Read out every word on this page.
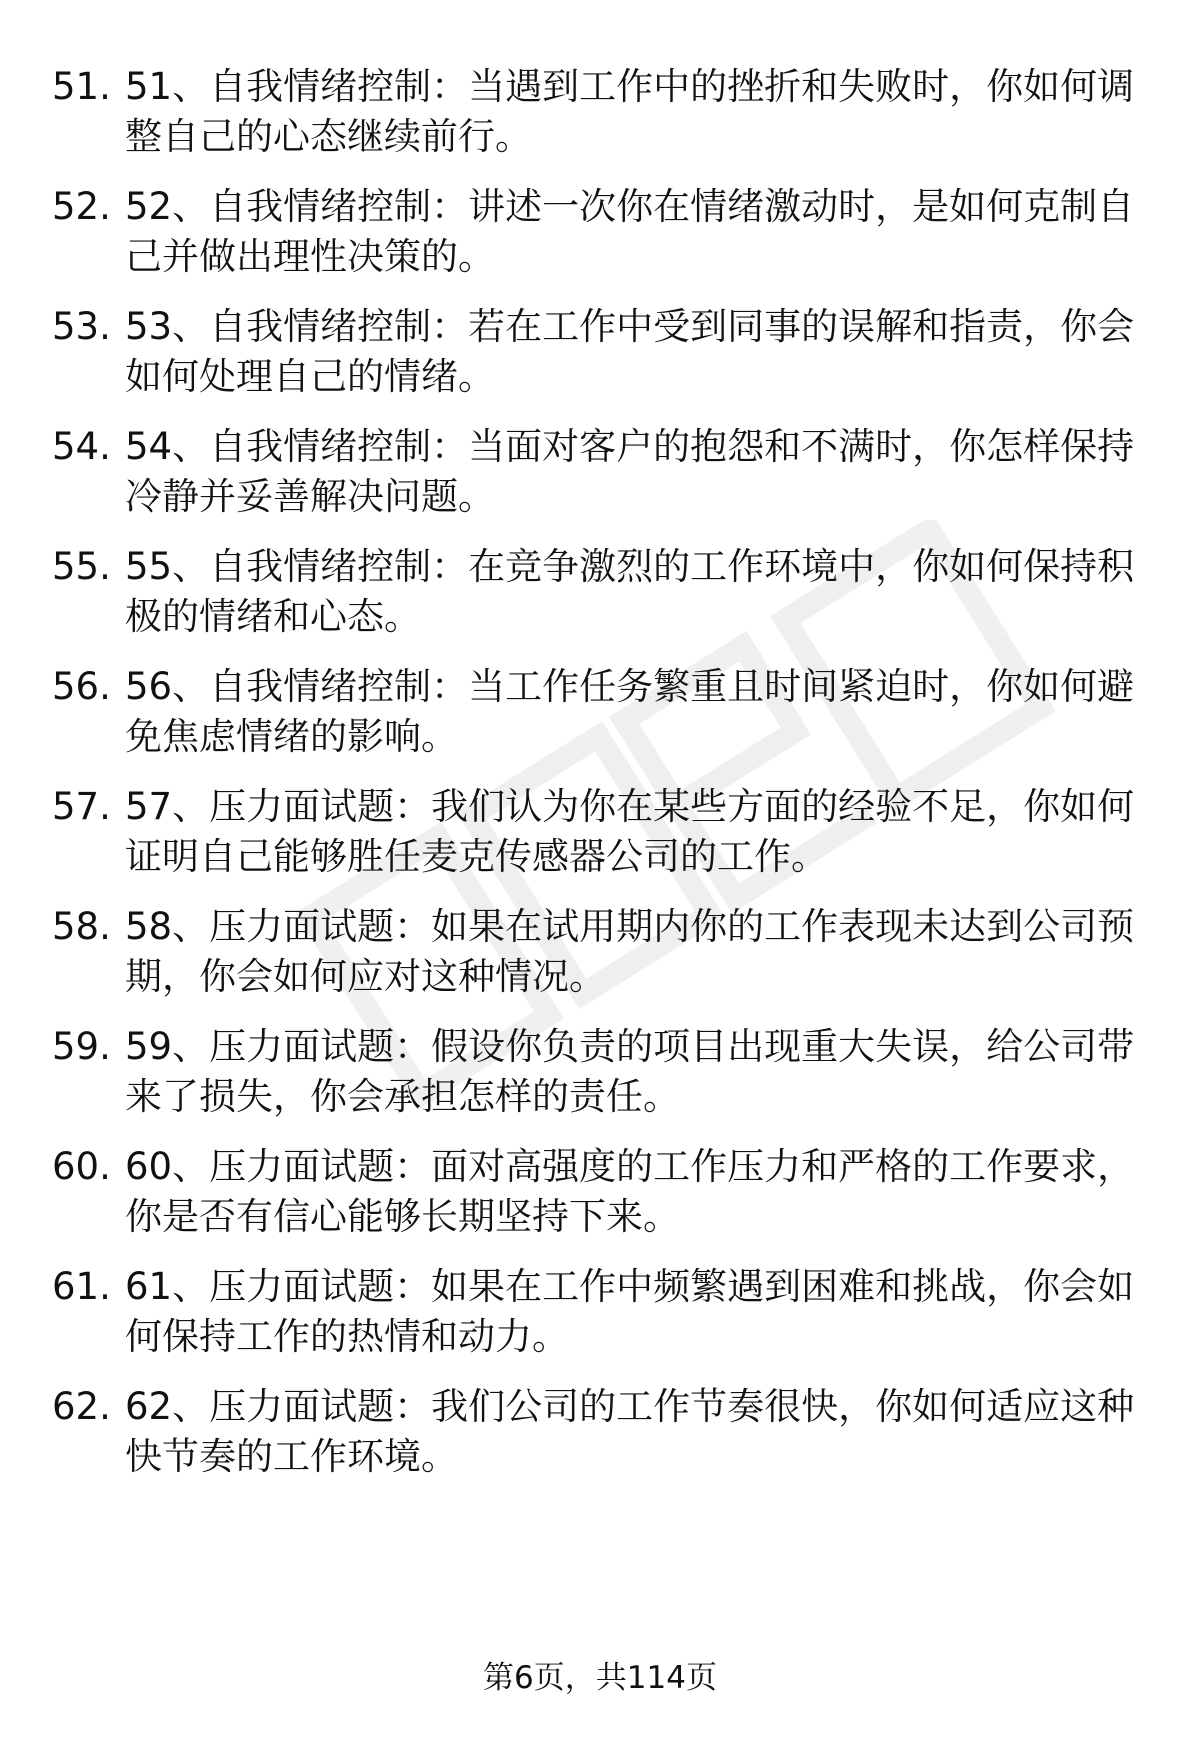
51. 51、自我情绪控制：当遇到工作中的挫折和失败时，你如何调整自己的心态继续前行。
52. 52、自我情绪控制：讲述一次你在情绪激动时，是如何克制自己并做出理性决策的。
53. 53、自我情绪控制：若在工作中受到同事的误解和指责，你会如何处理自己的情绪。
54. 54、自我情绪控制：当面对客户的抱怨和不满时，你怎样保持冷静并妥善解决问题。
55. 55、自我情绪控制：在竞争激烈的工作环境中，你如何保持积极的情绪和心态。
56. 56、自我情绪控制：当工作任务繁重且时间紧迫时，你如何避免焦虑情绪的影响。
57. 57、压力面试题：我们认为你在某些方面的经验不足，你如何证明自己能够胜任麦克传感器公司的工作。
58. 58、压力面试题：如果在试用期内你的工作表现未达到公司预期，你会如何应对这种情况。
59. 59、压力面试题：假设你负责的项目出现重大失误，给公司带来了损失，你会承担怎样的责任。
60. 60、压力面试题：面对高强度的工作压力和严格的工作要求，你是否有信心能够长期坚持下来。
61. 61、压力面试题：如果在工作中频繁遇到困难和挑战，你会如何保持工作的热情和动力。
62. 62、压力面试题：我们公司的工作节奏很快，你如何适应这种快节奏的工作环境。
第6页，共114页
